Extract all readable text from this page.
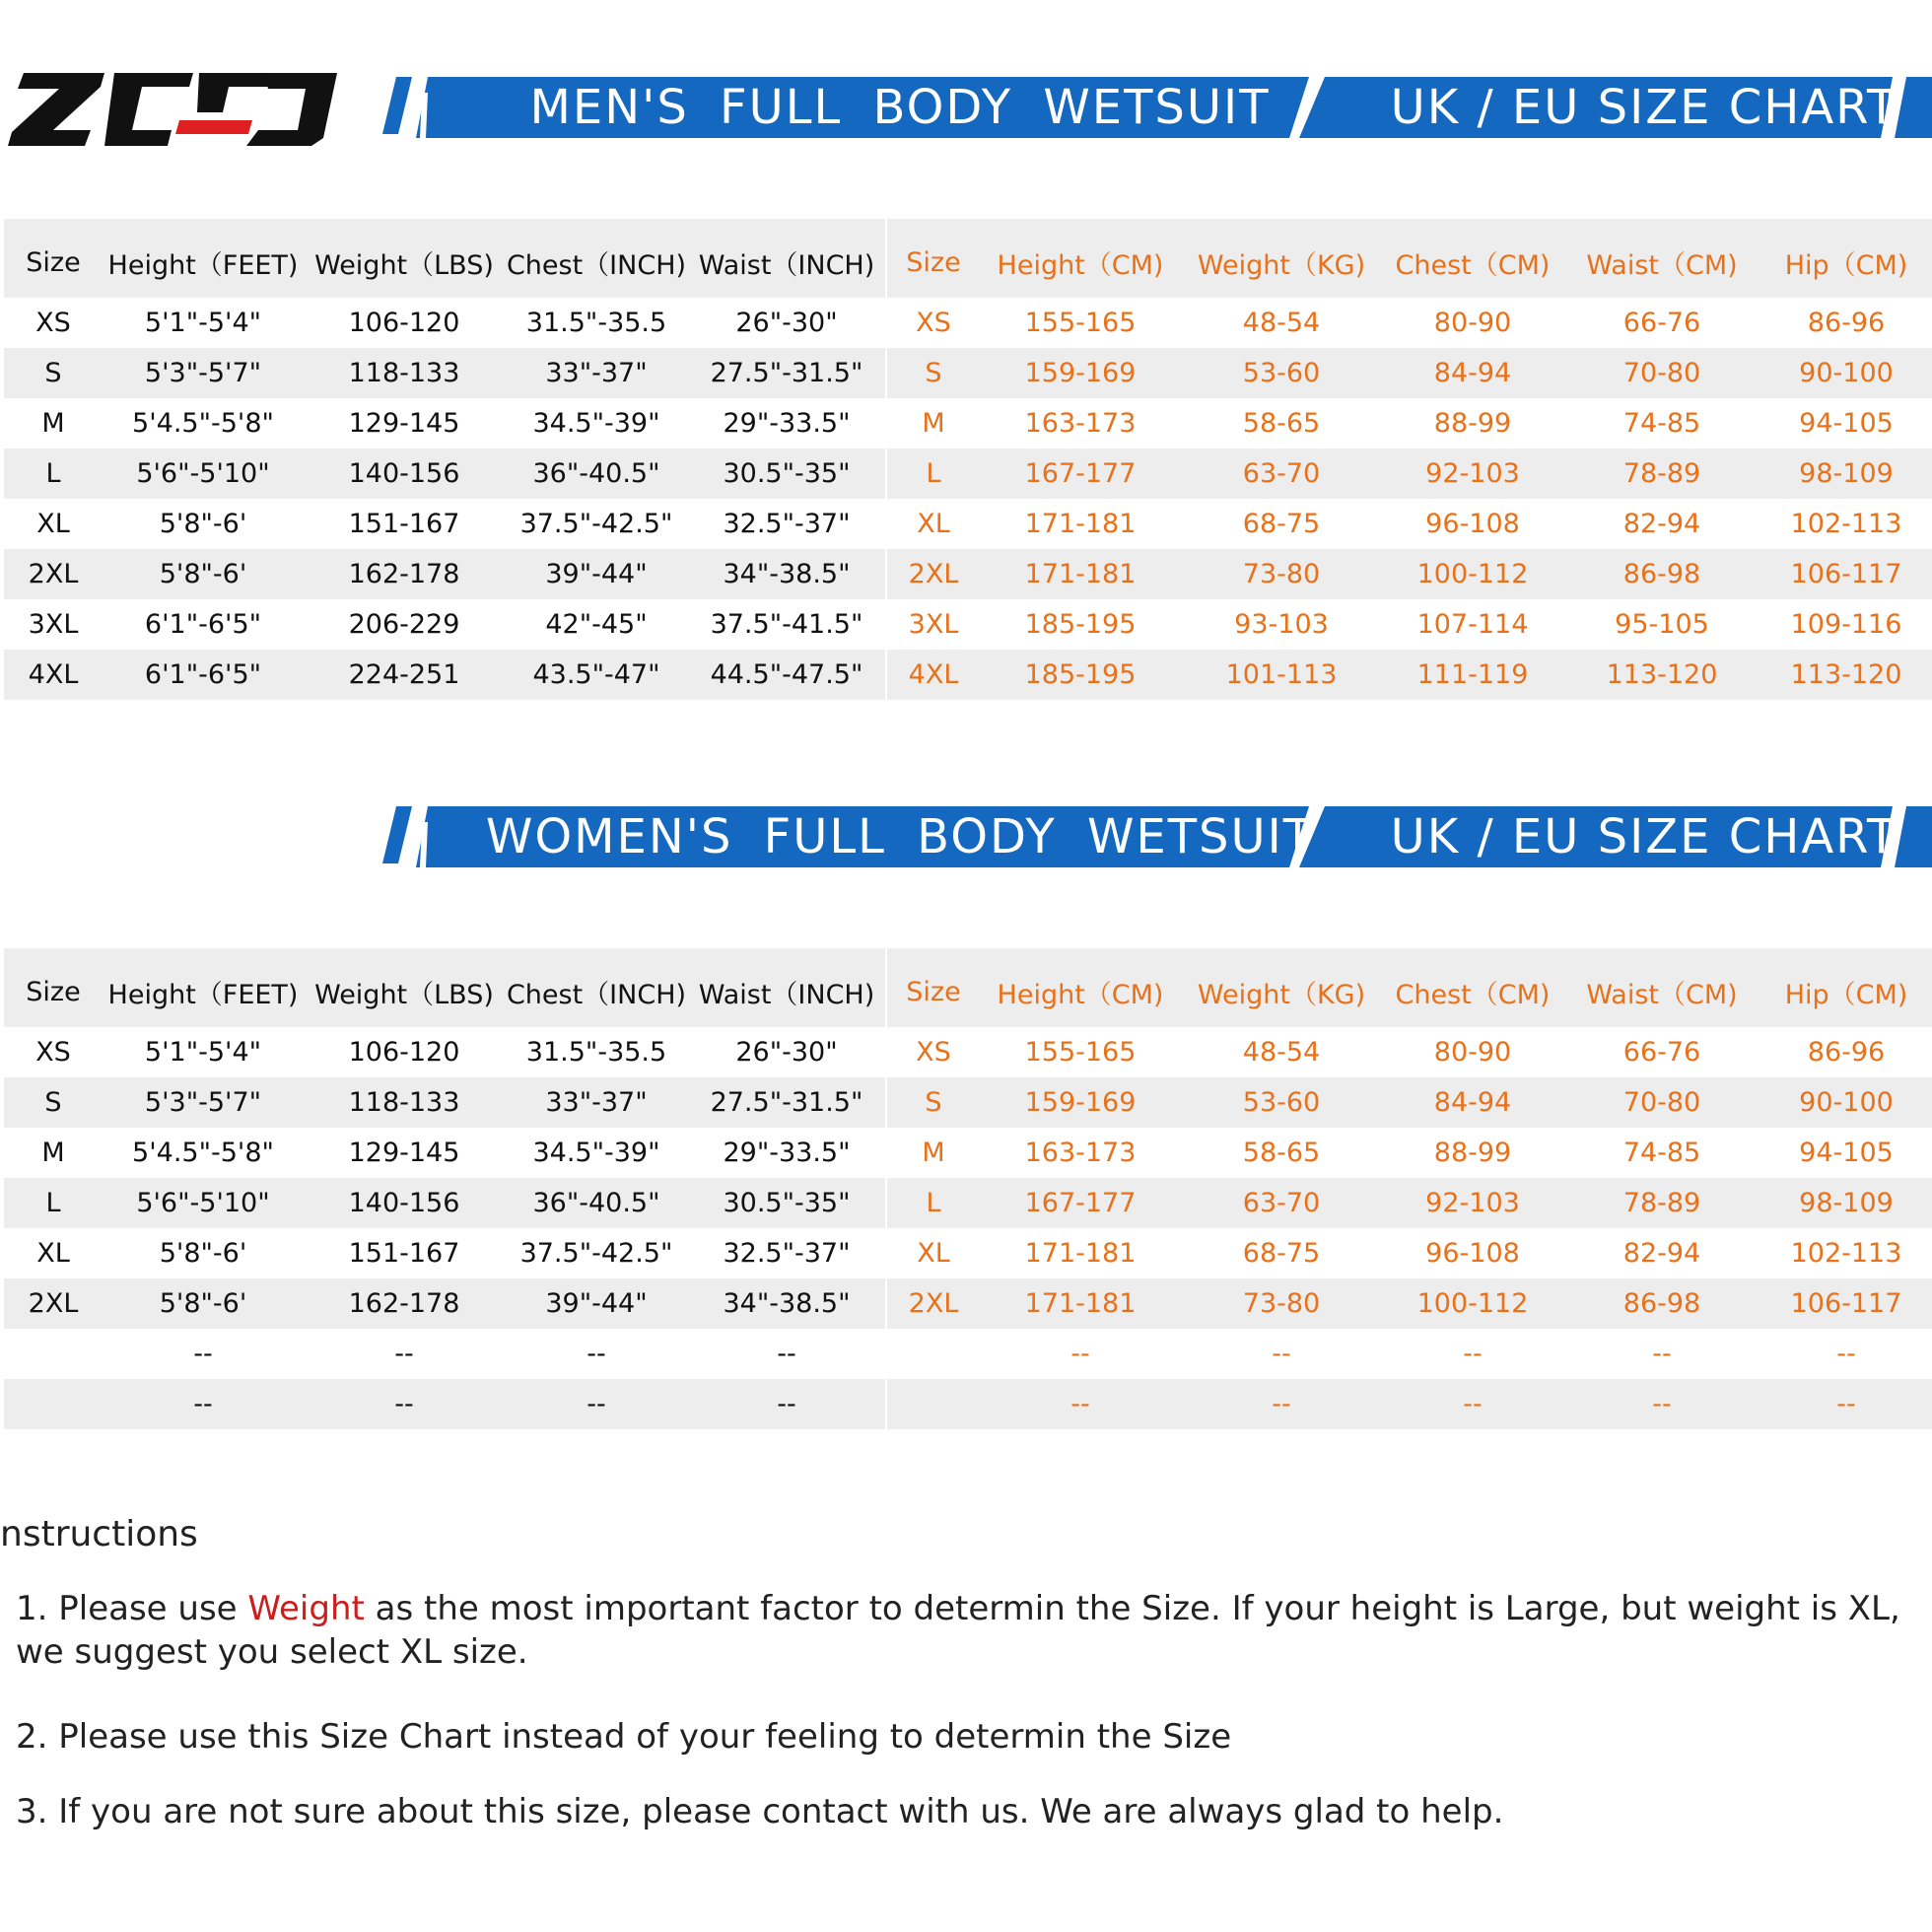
ZCCO
MEN'S FULL BODY WETSUIT	UK / EU SIZE CHART
Size	Height（FEET)	Weight（LBS)	Chest（INCH)	Waist（INCH)
XS	5'1"-5'4"	106-120	31.5"-35.5	26"-30"
S	5'3"-5'7"	118-133	33"-37"	27.5"-31.5"
M	5'4.5"-5'8"	129-145	34.5"-39"	29"-33.5"
L	5'6"-5'10"	140-156	36"-40.5"	30.5"-35"
XL	5'8"-6'	151-167	37.5"-42.5"	32.5"-37"
2XL	5'8"-6'	162-178	39"-44"	34"-38.5"
3XL	6'1"-6'5"	206-229	42"-45"	37.5"-41.5"
4XL	6'1"-6'5"	224-251	43.5"-47"	44.5"-47.5"
Size	Height（CM)	Weight（KG)	Chest（CM)	Waist（CM)	Hip（CM)
XS	155-165	48-54	80-90	66-76	86-96
S	159-169	53-60	84-94	70-80	90-100
M	163-173	58-65	88-99	74-85	94-105
L	167-177	63-70	92-103	78-89	98-109
XL	171-181	68-75	96-108	82-94	102-113
2XL	171-181	73-80	100-112	86-98	106-117
3XL	185-195	93-103	107-114	95-105	109-116
4XL	185-195	101-113	111-119	113-120	113-120
WOMEN'S FULL BODY WETSUIT	UK / EU SIZE CHART
Size	Height（FEET)	Weight（LBS)	Chest（INCH)	Waist（INCH)
XS	5'1"-5'4"	106-120	31.5"-35.5	26"-30"
S	5'3"-5'7"	118-133	33"-37"	27.5"-31.5"
M	5'4.5"-5'8"	129-145	34.5"-39"	29"-33.5"
L	5'6"-5'10"	140-156	36"-40.5"	30.5"-35"
XL	5'8"-6'	151-167	37.5"-42.5"	32.5"-37"
2XL	5'8"-6'	162-178	39"-44"	34"-38.5"
	--	--	--	--
	--	--	--	--
Size	Height（CM)	Weight（KG)	Chest（CM)	Waist（CM)	Hip（CM)
XS	155-165	48-54	80-90	66-76	86-96
S	159-169	53-60	84-94	70-80	90-100
M	163-173	58-65	88-99	74-85	94-105
L	167-177	63-70	92-103	78-89	98-109
XL	171-181	68-75	96-108	82-94	102-113
2XL	171-181	73-80	100-112	86-98	106-117
	--	--	--	--	--
	--	--	--	--	--
nstructions
1. Please use Weight as the most important factor to determin the Size. If your height is Large, but weight is XL, we suggest you select XL size.
2. Please use this Size Chart instead of your feeling to determin the Size
3. If you are not sure about this size, please contact with us. We are always glad to help.
